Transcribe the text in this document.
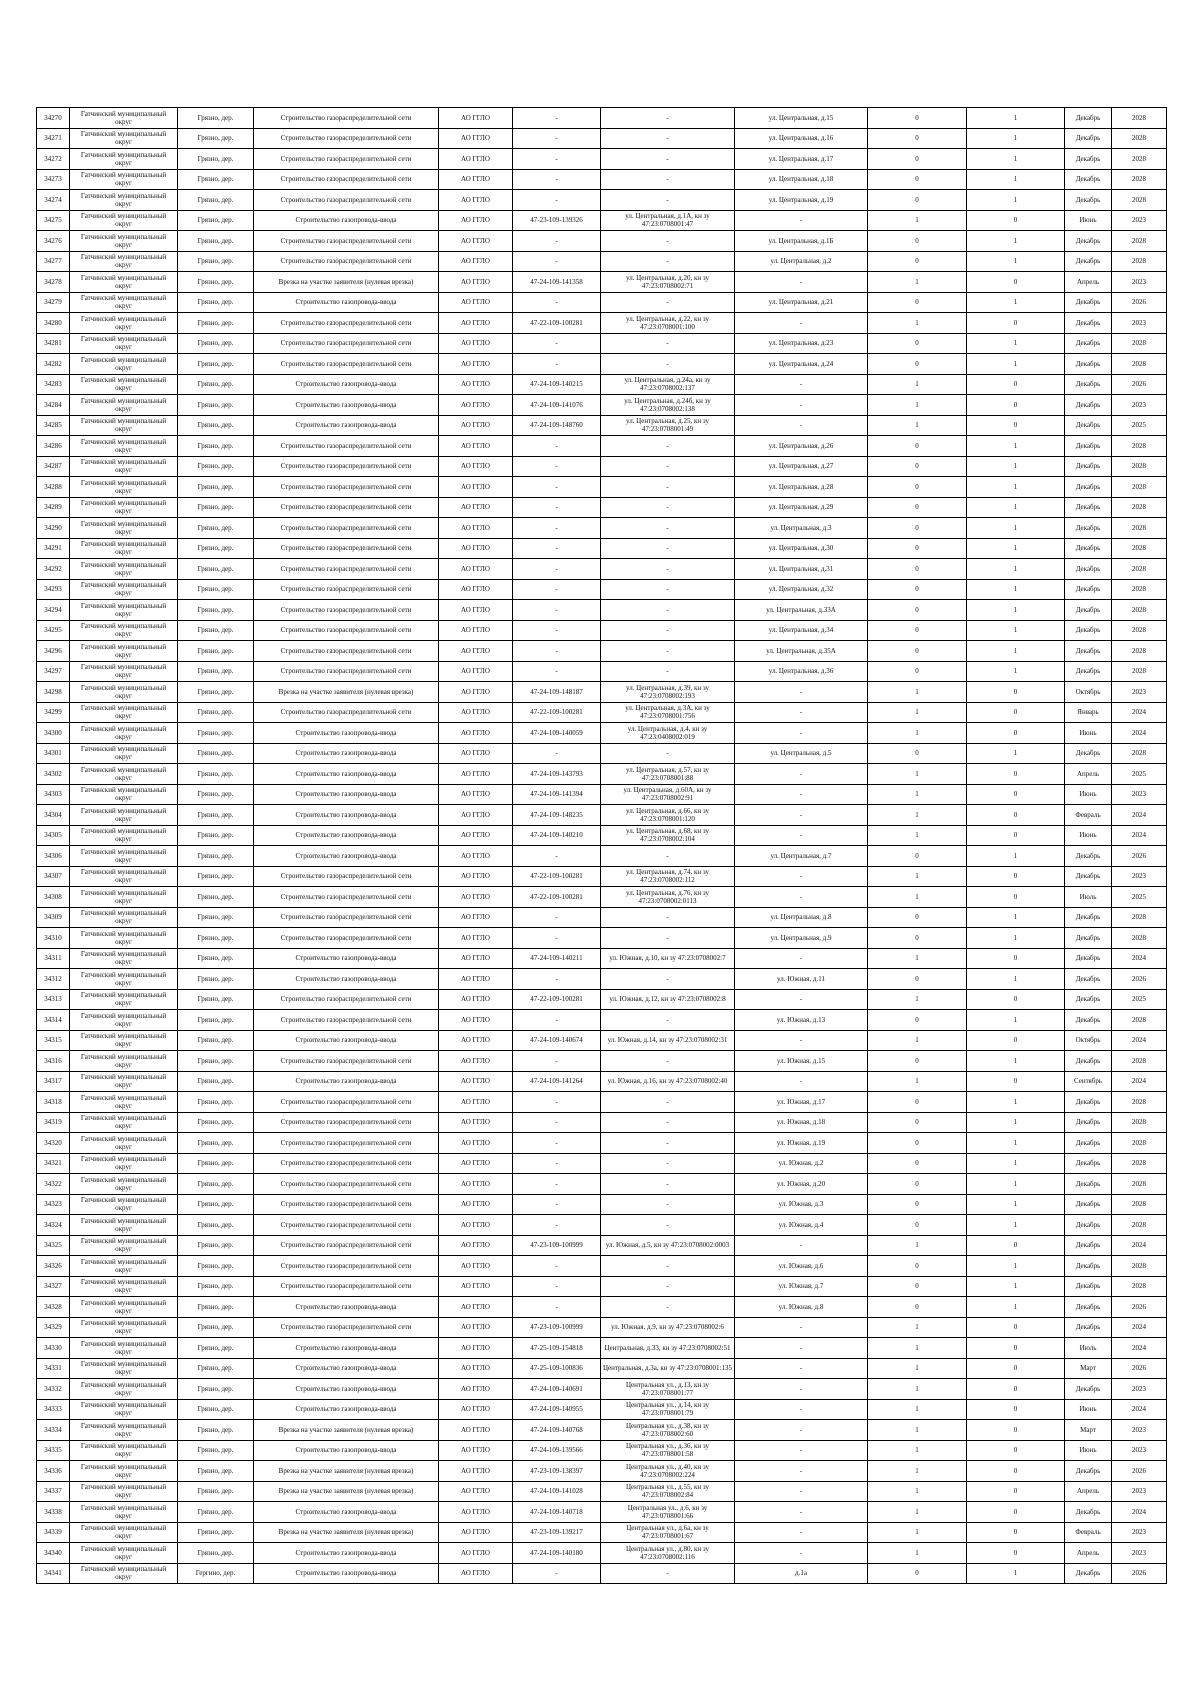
34270	Гатчинский муниципальный округ	Грязно, дер.	Строительство газораспределительной сети	АО ГГЛО	-	-	ул. Центральная, д.15	0	1	Декабрь	2028
34271	Гатчинский муниципальный округ	Грязно, дер.	Строительство газораспределительной сети	АО ГГЛО	-	-	ул. Центральная, д.16	0	1	Декабрь	2028
34272	Гатчинский муниципальный округ	Грязно, дер.	Строительство газораспределительной сети	АО ГГЛО	-	-	ул. Центральная, д.17	0	1	Декабрь	2028
34273	Гатчинский муниципальный округ	Грязно, дер.	Строительство газораспределительной сети	АО ГГЛО	-	-	ул. Центральная, д.18	0	1	Декабрь	2028
34274	Гатчинский муниципальный округ	Грязно, дер.	Строительство газораспределительной сети	АО ГГЛО	-	-	ул. Центральная, д.19	0	1	Декабрь	2028
34275	Гатчинский муниципальный округ	Грязно, дер.	Строительство газопровода-ввода	АО ГГЛО	47-23-109-139326	ул. Центральная, д.1А, кн зу 47:23:0708001:47	-	1	0	Июнь	2023
34276	Гатчинский муниципальный округ	Грязно, дер.	Строительство газораспределительной сети	АО ГГЛО	-	-	ул. Центральная, д.1Б	0	1	Декабрь	2028
34277	Гатчинский муниципальный округ	Грязно, дер.	Строительство газораспределительной сети	АО ГГЛО	-	-	ул. Центральная, д.2	0	1	Декабрь	2028
34278	Гатчинский муниципальный округ	Грязно, дер.	Врезка на участке заявителя (нулевая врезка)	АО ГГЛО	47-24-109-141358	ул. Центральная, д.20, кн зу 47:23:0708002:71	-	1	0	Апрель	2023
34279	Гатчинский муниципальный округ	Грязно, дер.	Строительство газопровода-ввода	АО ГГЛО	-	-	ул. Центральная, д.21	0	1	Декабрь	2026
34280	Гатчинский муниципальный округ	Грязно, дер.	Строительство газораспределительной сети	АО ГГЛО	47-22-109-100281	ул. Центральная, д.22, кн зу 47:23:0708001:100	-	1	0	Декабрь	2023
34281	Гатчинский муниципальный округ	Грязно, дер.	Строительство газораспределительной сети	АО ГГЛО	-	-	ул. Центральная, д.23	0	1	Декабрь	2028
34282	Гатчинский муниципальный округ	Грязно, дер.	Строительство газораспределительной сети	АО ГГЛО	-	-	ул. Центральная, д.24	0	1	Декабрь	2028
34283	Гатчинский муниципальный округ	Грязно, дер.	Строительство газопровода-ввода	АО ГГЛО	47-24-109-140215	ул. Центральная, д.24а, кн зу 47:23:0708002:137	-	1	0	Декабрь	2026
34284	Гатчинский муниципальный округ	Грязно, дер.	Строительство газопровода-ввода	АО ГГЛО	47-24-109-141076	ул. Центральная, д.24б, кн зу 47:23:0708002:138	-	1	0	Декабрь	2023
34285	Гатчинский муниципальный округ	Грязно, дер.	Строительство газопровода-ввода	АО ГГЛО	47-24-109-148760	ул. Центральная, д.25, кн зу 47:23:0708001:49	-	1	0	Декабрь	2025
34286	Гатчинский муниципальный округ	Грязно, дер.	Строительство газораспределительной сети	АО ГГЛО	-	-	ул. Центральная, д.26	0	1	Декабрь	2028
34287	Гатчинский муниципальный округ	Грязно, дер.	Строительство газораспределительной сети	АО ГГЛО	-	-	ул. Центральная, д.27	0	1	Декабрь	2028
34288	Гатчинский муниципальный округ	Грязно, дер.	Строительство газораспределительной сети	АО ГГЛО	-	-	ул. Центральная, д.28	0	1	Декабрь	2028
34289	Гатчинский муниципальный округ	Грязно, дер.	Строительство газораспределительной сети	АО ГГЛО	-	-	ул. Центральная, д.29	0	1	Декабрь	2028
34290	Гатчинский муниципальный округ	Грязно, дер.	Строительство газораспределительной сети	АО ГГЛО	-	-	ул. Центральная, д.3	0	1	Декабрь	2028
34291	Гатчинский муниципальный округ	Грязно, дер.	Строительство газораспределительной сети	АО ГГЛО	-	-	ул. Центральная, д.30	0	1	Декабрь	2028
34292	Гатчинский муниципальный округ	Грязно, дер.	Строительство газораспределительной сети	АО ГГЛО	-	-	ул. Центральная, д.31	0	1	Декабрь	2028
34293	Гатчинский муниципальный округ	Грязно, дер.	Строительство газораспределительной сети	АО ГГЛО	-	-	ул. Центральная, д.32	0	1	Декабрь	2028
34294	Гатчинский муниципальный округ	Грязно, дер.	Строительство газораспределительной сети	АО ГГЛО	-	-	ул. Центральная, д.33А	0	1	Декабрь	2028
34295	Гатчинский муниципальный округ	Грязно, дер.	Строительство газораспределительной сети	АО ГГЛО	-	-	ул. Центральная, д.34	0	1	Декабрь	2028
34296	Гатчинский муниципальный округ	Грязно, дер.	Строительство газораспределительной сети	АО ГГЛО	-	-	ул. Центральная, д.35А	0	1	Декабрь	2028
34297	Гатчинский муниципальный округ	Грязно, дер.	Строительство газораспределительной сети	АО ГГЛО	-	-	ул. Центральная, д.36	0	1	Декабрь	2028
34298	Гатчинский муниципальный округ	Грязно, дер.	Врезка на участке заявителя (нулевая врезка)	АО ГГЛО	47-24-109-148187	ул. Центральная, д.39, кн зу 47:23:0708002:193	-	1	0	Октябрь	2023
34299	Гатчинский муниципальный округ	Грязно, дер.	Строительство газораспределительной сети	АО ГГЛО	47-22-109-100281	ул. Центральная, д.3А, кн зу 47:23:0708001:756	-	1	0	Январь	2024
34300	Гатчинский муниципальный округ	Грязно, дер.	Строительство газопровода-ввода	АО ГГЛО	47-24-109-140059	ул. Центральная, д.4, кн зу 47:23:0408002:019	-	1	0	Июнь	2024
34301	Гатчинский муниципальный округ	Грязно, дер.	Строительство газопровода-ввода	АО ГГЛО	-	-	ул. Центральная, д.5	0	1	Декабрь	2028
34302	Гатчинский муниципальный округ	Грязно, дер.	Строительство газопровода-ввода	АО ГГЛО	47-24-109-143793	ул. Центральная, д.57, кн зу 47:23:0708001:88	-	1	0	Апрель	2025
34303	Гатчинский муниципальный округ	Грязно, дер.	Строительство газопровода-ввода	АО ГГЛО	47-24-109-141394	ул. Центральная, д.60А, кн зу 47:23:0708002:91	-	1	0	Июнь	2023
34304	Гатчинский муниципальный округ	Грязно, дер.	Строительство газопровода-ввода	АО ГГЛО	47-24-109-148235	ул. Центральная, д.66, кн зу 47:23:0708001:120	-	1	0	Февраль	2024
34305	Гатчинский муниципальный округ	Грязно, дер.	Строительство газопровода-ввода	АО ГГЛО	47-24-109-140210	ул. Центральная, д.68, кн зу 47:23:0708002:104	-	1	0	Июнь	2024
34306	Гатчинский муниципальный округ	Грязно, дер.	Строительство газопровода-ввода	АО ГГЛО	-	-	ул. Центральная, д.7	0	1	Декабрь	2026
34307	Гатчинский муниципальный округ	Грязно, дер.	Строительство газораспределительной сети	АО ГГЛО	47-22-109-100281	ул. Центральная, д.74, кн зу 47:23:0708002:112	-	1	0	Декабрь	2023
34308	Гатчинский муниципальный округ	Грязно, дер.	Строительство газораспределительной сети	АО ГГЛО	47-22-109-100281	ул. Центральная, д.76, кн зу 47:23:0708002:0113	-	1	0	Июль	2025
34309	Гатчинский муниципальный округ	Грязно, дер.	Строительство газораспределительной сети	АО ГГЛО	-	-	ул. Центральная, д.8	0	1	Декабрь	2028
34310	Гатчинский муниципальный округ	Грязно, дер.	Строительство газораспределительной сети	АО ГГЛО	-	-	ул. Центральная, д.9	0	1	Декабрь	2028
34311	Гатчинский муниципальный округ	Грязно, дер.	Строительство газопровода-ввода	АО ГГЛО	47-24-109-140211	ул. Южная, д.10, кн зу 47:23:0708002:7	-	1	0	Декабрь	2024
34312	Гатчинский муниципальный округ	Грязно, дер.	Строительство газопровода-ввода	АО ГГЛО	-	-	ул. Южная, д.11	0	1	Декабрь	2026
34313	Гатчинский муниципальный округ	Грязно, дер.	Строительство газораспределительной сети	АО ГГЛО	47-22-109-100281	ул. Южная, д.12, кн зу 47:23:0708002:8	-	1	0	Декабрь	2025
34314	Гатчинский муниципальный округ	Грязно, дер.	Строительство газораспределительной сети	АО ГГЛО	-	-	ул. Южная, д.13	0	1	Декабрь	2028
34315	Гатчинский муниципальный округ	Грязно, дер.	Строительство газопровода-ввода	АО ГГЛО	47-24-109-140674	ул. Южная, д.14, кн зу 47:23:0708002:31	-	1	0	Октябрь	2024
34316	Гатчинский муниципальный округ	Грязно, дер.	Строительство газораспределительной сети	АО ГГЛО	-	-	ул. Южная, д.15	0	1	Декабрь	2028
34317	Гатчинский муниципальный округ	Грязно, дер.	Строительство газопровода-ввода	АО ГГЛО	47-24-109-141264	ул. Южная, д.16, кн зу 47:23:0708002:40	-	1	0	Сентябрь	2024
34318	Гатчинский муниципальный округ	Грязно, дер.	Строительство газораспределительной сети	АО ГГЛО	-	-	ул. Южная, д.17	0	1	Декабрь	2028
34319	Гатчинский муниципальный округ	Грязно, дер.	Строительство газораспределительной сети	АО ГГЛО	-	-	ул. Южная, д.18	0	1	Декабрь	2028
34320	Гатчинский муниципальный округ	Грязно, дер.	Строительство газораспределительной сети	АО ГГЛО	-	-	ул. Южная, д.19	0	1	Декабрь	2028
34321	Гатчинский муниципальный округ	Грязно, дер.	Строительство газораспределительной сети	АО ГГЛО	-	-	ул. Южная, д.2	0	1	Декабрь	2028
34322	Гатчинский муниципальный округ	Грязно, дер.	Строительство газораспределительной сети	АО ГГЛО	-	-	ул. Южная, д.20	0	1	Декабрь	2028
34323	Гатчинский муниципальный округ	Грязно, дер.	Строительство газораспределительной сети	АО ГГЛО	-	-	ул. Южная, д.3	0	1	Декабрь	2028
34324	Гатчинский муниципальный округ	Грязно, дер.	Строительство газораспределительной сети	АО ГГЛО	-	-	ул. Южная, д.4	0	1	Декабрь	2028
34325	Гатчинский муниципальный округ	Грязно, дер.	Строительство газораспределительной сети	АО ГГЛО	47-23-109-100999	ул. Южная, д.5, кн зу 47:23:0708002:0003	-	1	0	Декабрь	2024
34326	Гатчинский муниципальный округ	Грязно, дер.	Строительство газораспределительной сети	АО ГГЛО	-	-	ул. Южная, д.6	0	1	Декабрь	2028
34327	Гатчинский муниципальный округ	Грязно, дер.	Строительство газораспределительной сети	АО ГГЛО	-	-	ул. Южная, д.7	0	1	Декабрь	2028
34328	Гатчинский муниципальный округ	Грязно, дер.	Строительство газопровода-ввода	АО ГГЛО	-	-	ул. Южная, д.8	0	1	Декабрь	2026
34329	Гатчинский муниципальный округ	Грязно, дер.	Строительство газораспределительной сети	АО ГГЛО	47-23-109-100999	ул. Южная, д.9, кн зу 47:23:0708002:6	-	1	0	Декабрь	2024
34330	Гатчинский муниципальный округ	Грязно, дер.	Строительство газопровода-ввода	АО ГГЛО	47-25-109-154818	Центральная, д.33, кн зу 47:23:0708002:51	-	1	0	Июль	2024
34331	Гатчинский муниципальный округ	Грязно, дер.	Строительство газопровода-ввода	АО ГГЛО	47-25-109-100836	Центральная, д.3а, кн зу 47:23:0708001:135	-	1	0	Март	2026
34332	Гатчинский муниципальный округ	Грязно, дер.	Строительство газопровода-ввода	АО ГГЛО	47-24-109-140691	Центральная ул., д.13, кн зу 47:23:0708001:77	-	1	0	Декабрь	2023
34333	Гатчинский муниципальный округ	Грязно, дер.	Строительство газопровода-ввода	АО ГГЛО	47-24-109-140955	Центральная ул., д.14, кн зу 47:23:0708001:79	-	1	0	Июнь	2024
34334	Гатчинский муниципальный округ	Грязно, дер.	Врезка на участке заявителя (нулевая врезка)	АО ГГЛО	47-24-109-140768	Центральная ул., д.38, кн зу 47:23:0708002:60	-	1	0	Март	2023
34335	Гатчинский муниципальный округ	Грязно, дер.	Строительство газопровода-ввода	АО ГГЛО	47-24-109-139566	Центральная ул., д.36, кн зу 47:23:0708001:58	-	1	0	Июнь	2023
34336	Гатчинский муниципальный округ	Грязно, дер.	Врезка на участке заявителя (нулевая врезка)	АО ГГЛО	47-23-109-138397	Центральная ул., д.40, кн зу 47:23:0708002:224	-	1	0	Декабрь	2026
34337	Гатчинский муниципальный округ	Грязно, дер.	Врезка на участке заявителя (нулевая врезка)	АО ГГЛО	47-24-109-141028	Центральная ул., д.55, кн зу 47:23:0708002:84	-	1	0	Апрель	2023
34338	Гатчинский муниципальный округ	Грязно, дер.	Строительство газопровода-ввода	АО ГГЛО	47-24-109-140718	Центральная ул., д.6, кн зу 47:23:0708001:66	-	1	0	Декабрь	2024
34339	Гатчинский муниципальный округ	Грязно, дер.	Врезка на участке заявителя (нулевая врезка)	АО ГГЛО	47-23-109-139217	Центральная ул., д.6а, кн зу 47:23:0708001:67	-	1	0	Февраль	2023
34340	Гатчинский муниципальный округ	Грязно, дер.	Строительство газопровода-ввода	АО ГГЛО	47-24-109-140180	Центральная ул., д.80, кн зу 47:23:0708002:116	-	1	0	Апрель	2023
34341	Гатчинский муниципальный округ	Гергино, дер.	Строительство газопровода-ввода	АО ГГЛО	-	-	д.1а	0	1	Декабрь	2026
